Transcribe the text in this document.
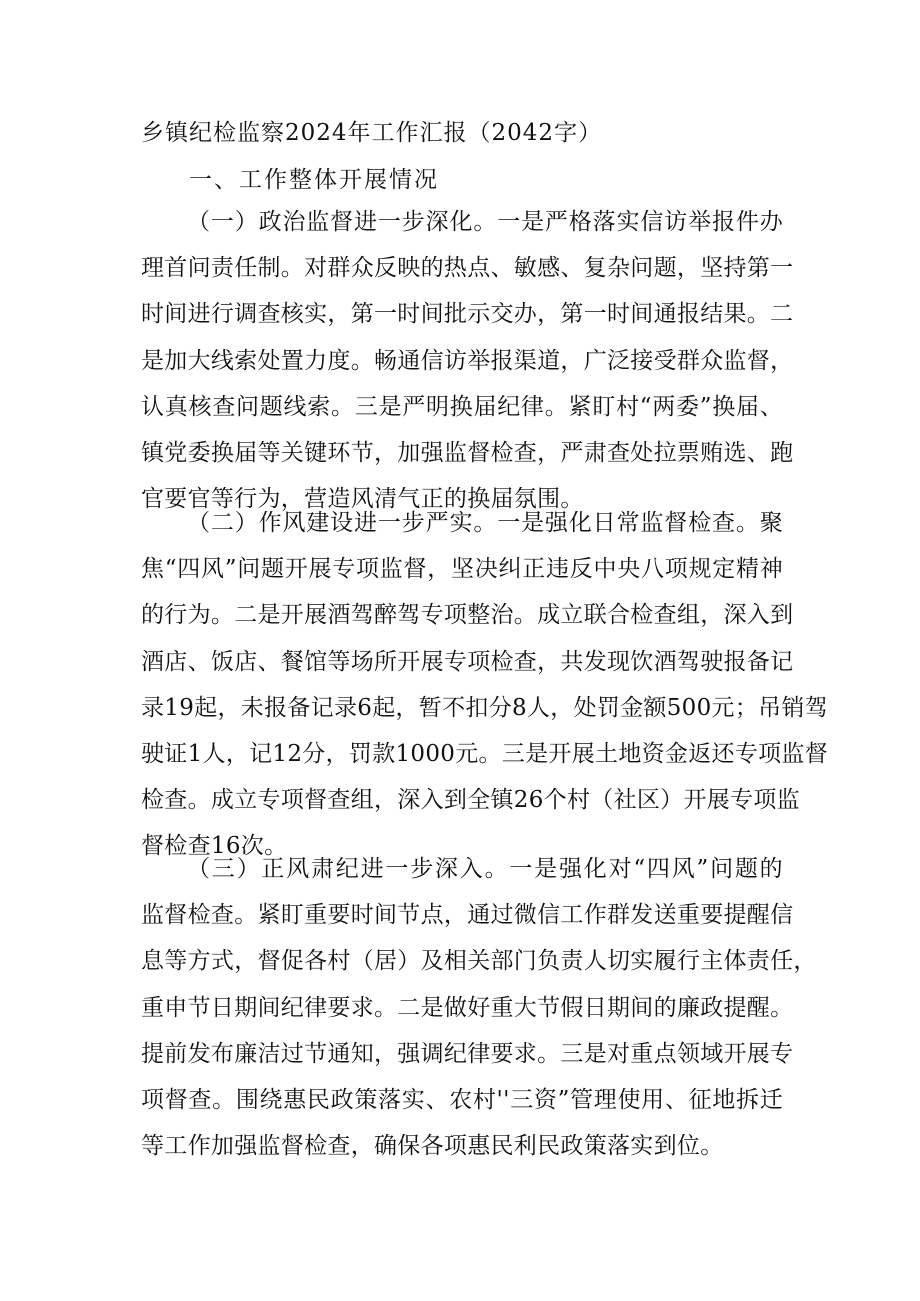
乡镇纪检监察2024年工作汇报（2042字）
一、工作整体开展情况
（一）政治监督进一步深化。一是严格落实信访举报件办
理首问责任制。对群众反映的热点、敏感、复杂问题，坚持第一
时间进行调查核实，第一时间批示交办，第一时间通报结果。二
是加大线索处置力度。畅通信访举报渠道，广泛接受群众监督，
认真核查问题线索。三是严明换届纪律。紧盯村“两委”换届、
镇党委换届等关键环节，加强监督检查，严肃查处拉票贿选、跑
官要官等行为，营造风清气正的换届氛围。
（二）作风建设进一步严实。一是强化日常监督检查。聚
焦“四风”问题开展专项监督，坚决纠正违反中央八项规定精神
的行为。二是开展酒驾醉驾专项整治。成立联合检查组，深入到
酒店、饭店、餐馆等场所开展专项检查，共发现饮酒驾驶报备记
录19起，未报备记录6起，暂不扣分8人，处罚金额500元；吊销驾
驶证1人，记12分，罚款1000元。三是开展土地资金返还专项监督
检查。成立专项督查组，深入到全镇26个村（社区）开展专项监
督检查16次。
（三）正风肃纪进一步深入。一是强化对“四风”问题的
监督检查。紧盯重要时间节点，通过微信工作群发送重要提醒信
息等方式，督促各村（居）及相关部门负责人切实履行主体责任，
重申节日期间纪律要求。二是做好重大节假日期间的廉政提醒。
提前发布廉洁过节通知，强调纪律要求。三是对重点领域开展专
项督查。围绕惠民政策落实、农村''三资”管理使用、征地拆迁
等工作加强监督检查，确保各项惠民利民政策落实到位。
